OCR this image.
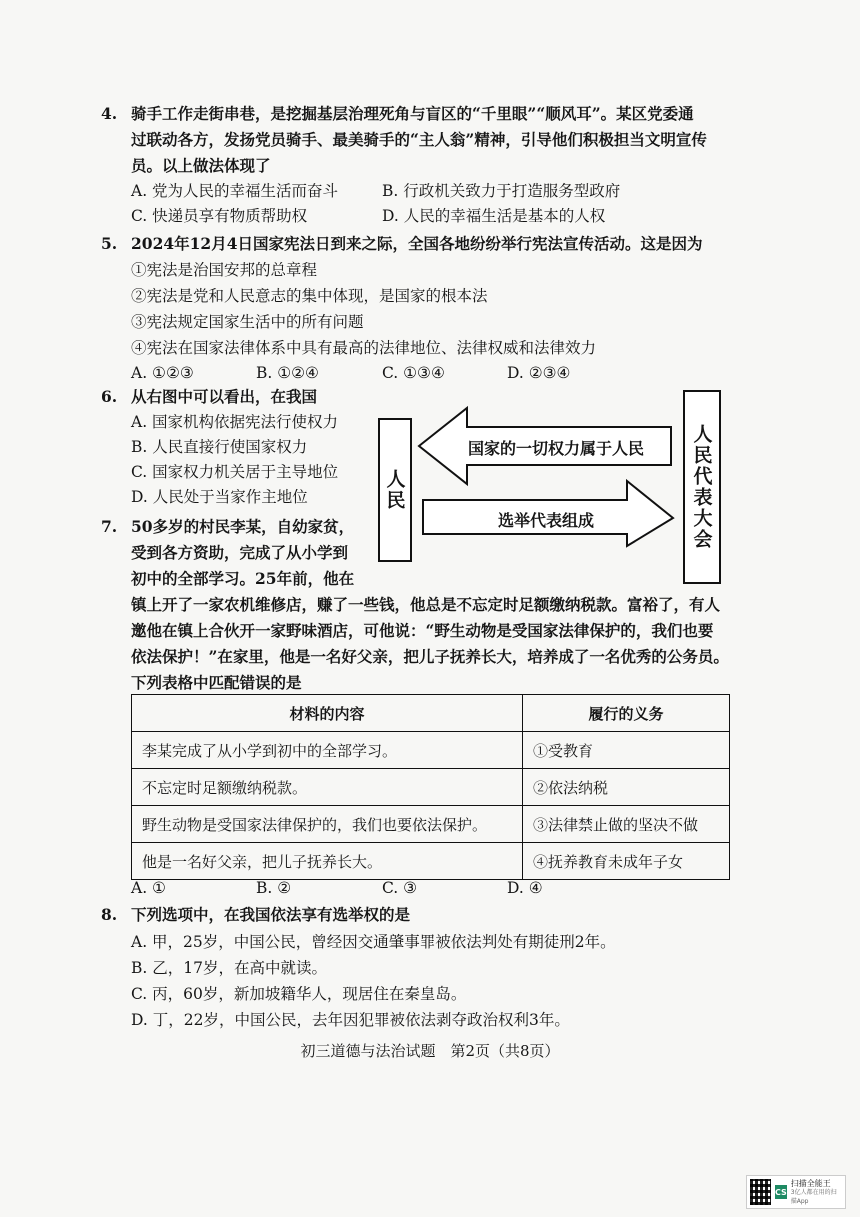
4. 骑手工作走街串巷，是挖掘基层治理死角与盲区的“千里眼”“顺风耳”。某区党委通
过联动各方，发扬党员骑手、最美骑手的“主人翁”精神，引导他们积极担当文明宣传
员。以上做法体现了
A. 党为人民的幸福生活而奋斗	B. 行政机关致力于打造服务型政府
C. 快递员享有物质帮助权	D. 人民的幸福生活是基本的人权
5. 2024年12月4日国家宪法日到来之际，全国各地纷纷举行宪法宣传活动。这是因为
①宪法是治国安邦的总章程
②宪法是党和人民意志的集中体现，是国家的根本法
③宪法规定国家生活中的所有问题
④宪法在国家法律体系中具有最高的法律地位、法律权威和法律效力
A. ①②③	B. ①②④	C. ①③④	D. ②③④
6. 从右图中可以看出，在我国
A. 国家机构依据宪法行使权力
B. 人民直接行使国家权力
C. 国家权力机关居于主导地位
D. 人民处于当家作主地位	人民	人民代表大会
国家的一切权力属于人民
选举代表组成
7. 50多岁的村民李某，自幼家贫，
受到各方资助，完成了从小学到
初中的全部学习。25年前，他在
镇上开了一家农机维修店，赚了一些钱，他总是不忘定时足额缴纳税款。富裕了，有人
邀他在镇上合伙开一家野味酒店，可他说：“野生动物是受国家法律保护的，我们也要
依法保护！”在家里，他是一名好父亲，把儿子抚养长大，培养成了一名优秀的公务员。
下列表格中匹配错误的是
材料的内容	履行的义务
李某完成了从小学到初中的全部学习。	①受教育
不忘定时足额缴纳税款。	②依法纳税
野生动物是受国家法律保护的，我们也要依法保护。	③法律禁止做的坚决不做
他是一名好父亲，把儿子抚养长大。	④抚养教育未成年子女
A. ①	B. ②	C. ③	D. ④
8. 下列选项中，在我国依法享有选举权的是
A. 甲，25岁，中国公民，曾经因交通肇事罪被依法判处有期徒刑2年。
B. 乙，17岁，在高中就读。
C. 丙，60岁，新加坡籍华人，现居住在秦皇岛。
D. 丁，22岁，中国公民，去年因犯罪被依法剥夺政治权利3年。
初三道德与法治试题　第2页（共8页）
CS
扫描全能王
3亿人都在用的扫描App
